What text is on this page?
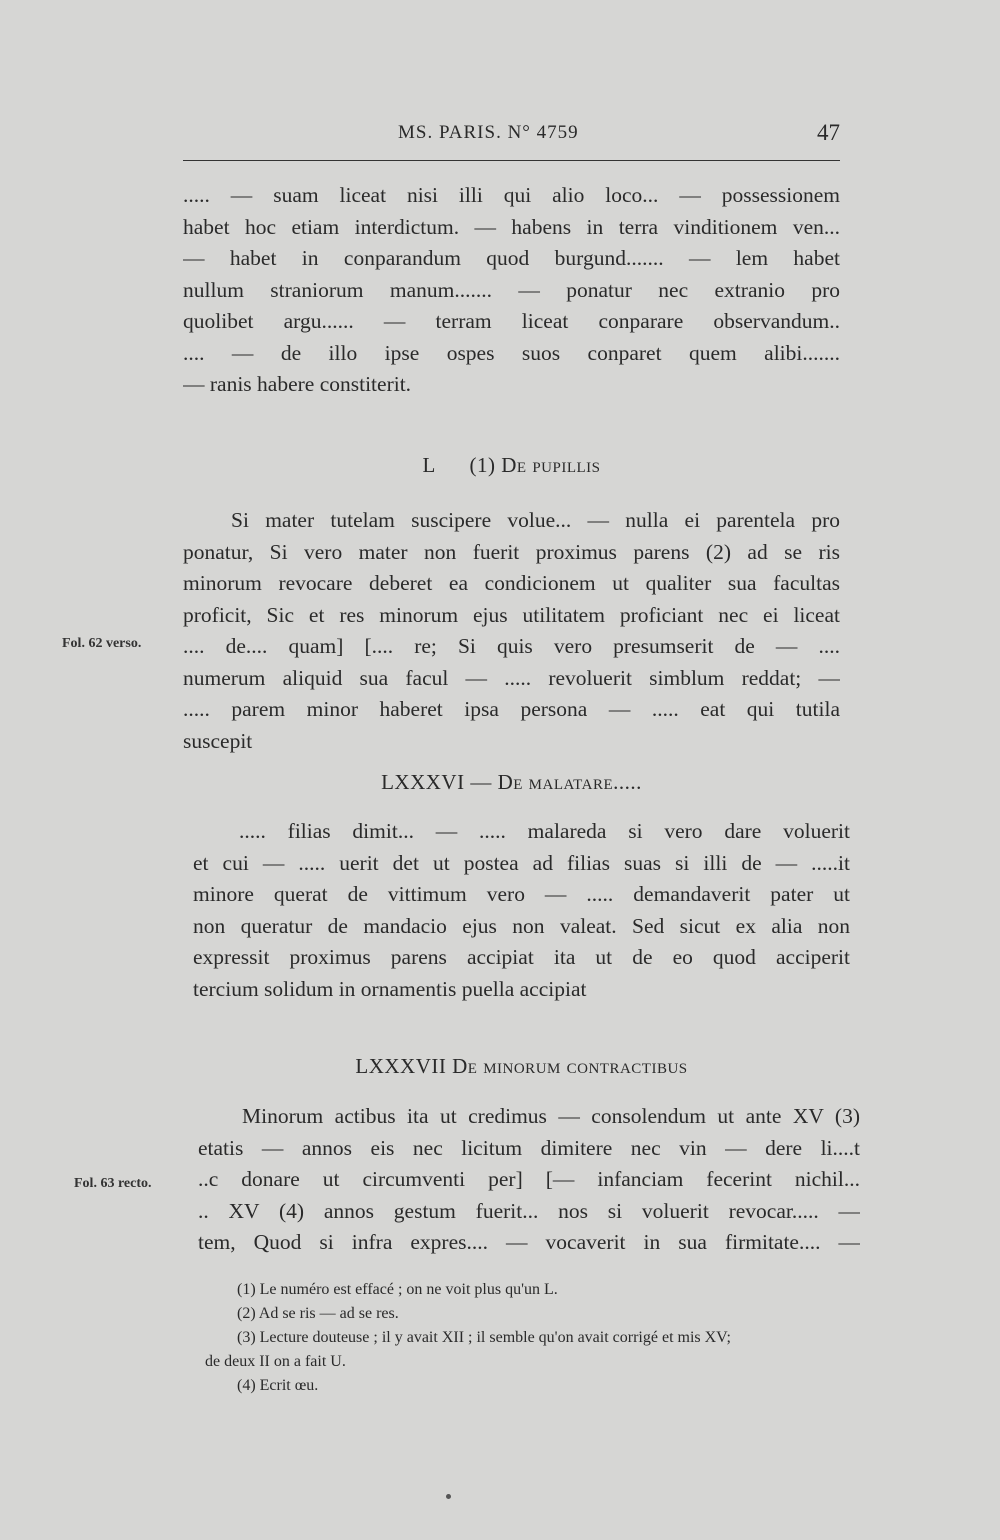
MS. PARIS. N° 4759	47
..... — suam liceat nisi illi qui alio loco... — possessionem
habet hoc etiam interdictum. — habens in terra vinditionem ven...
— habet in conparandum quod burgund....... — lem habet
nullum straniorum manum....... — ponatur nec extranio pro
quolibet argu...... — terram liceat conparare observandum..
.... — de illo ipse ospes suos conparet quem alibi.......
— ranis habere constiterit.
L (1) De pupillis
Si mater tutelam suscipere volue... — nulla ei parentela pro
ponatur, Si vero mater non fuerit proximus parens (2) ad se ris
minorum revocare deberet ea condicionem ut qualiter sua facultas
proficit, Sic et res minorum ejus utilitatem proficiant nec ei liceat
.... de.... quam] [.... re; Si quis vero presumserit de — ....
numerum aliquid sua facul — ..... revoluerit simblum reddat; —
..... parem minor haberet ipsa persona — ..... eat qui tutila
suscepit
Fol. 62 verso.
LXXXVI — De malatare.....
..... filias dimit... — ..... malareda si vero dare voluerit
et cui — ..... uerit det ut postea ad filias suas si illi de — .....it
minore querat de vittimum vero — ..... demandaverit pater ut
non queratur de mandacio ejus non valeat. Sed sicut ex alia non
expressit proximus parens accipiat ita ut de eo quod acciperit
tercium solidum in ornamentis puella accipiat
LXXXVII De minorum contractibus
Minorum actibus ita ut credimus — consolendum ut ante XV (3)
etatis — annos eis nec licitum dimitere nec vin — dere li....t
..c donare ut circumventi per] [— infanciam fecerint nichil...
.. XV (4) annos gestum fuerit... nos si voluerit revocar..... —
tem, Quod si infra expres.... — vocaverit in sua firmitate.... —
Fol. 63 recto.
(1) Le numéro est effacé ; on ne voit plus qu'un L.
(2) Ad se ris — ad se res.
(3) Lecture douteuse ; il y avait XII ; il semble qu'on avait corrigé et mis XV;
de deux II on a fait U.
(4) Ecrit œu.
